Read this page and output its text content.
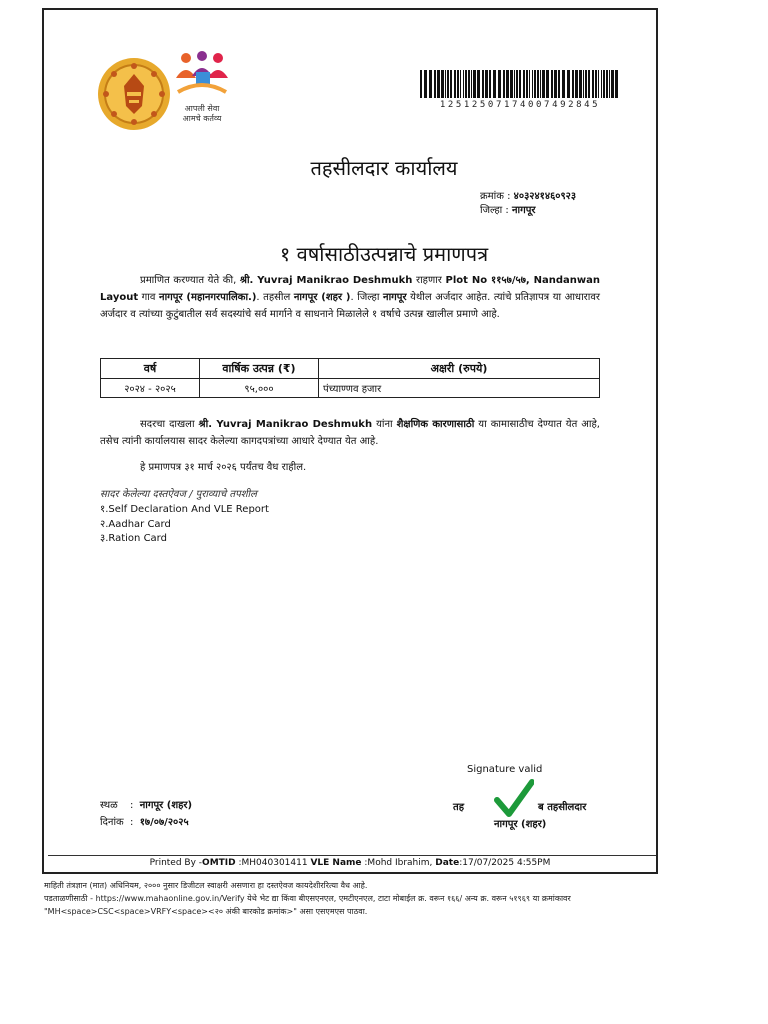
आपली सेवा
आमचे कर्तव्य
12512507174007492845
तहसीलदार कार्यालय
क्रमांक : ४०३२४१४६०९२३
जिल्हा : नागपूर
१ वर्षासाठीउत्पन्नाचे प्रमाणपत्र
प्रमाणित करण्यात येते की, श्री. Yuvraj Manikrao Deshmukh राहणार Plot No ११५७/५७, Nandanwan Layout गाव नागपूर (महानगरपालिका.). तहसील नागपूर (शहर ). जिल्हा नागपूर येथील अर्जदार आहेत. त्यांचे प्रतिज्ञापत्र या आधारावर अर्जदार व त्यांच्या कुटुंबातील सर्व सदस्यांचे सर्व मार्गाने व साधनाने मिळालेले १ वर्षाचे उत्पन्न खालील प्रमाणे आहे.
वर्ष	वार्षिक उत्पन्न (₹)	अक्षरी (रुपये)
२०२४ - २०२५	९५,०००	पंच्याण्णव हजार
सदरचा दाखला श्री. Yuvraj Manikrao Deshmukh यांना शैक्षणिक कारणासाठी या कामासाठीच देण्यात येत आहे, तसेच त्यांनी कार्यालयास सादर केलेल्या कागदपत्रांच्या आधारे देण्यात येत आहे.
हे प्रमाणपत्र ३१ मार्च २०२६ पर्यंतच वैध राहील.
सादर केलेल्या दस्तऐवज / पुराव्याचे तपशील
१.Self Declaration And VLE Report
२.Aadhar Card
३.Ration Card
Signature valid
स्थळ :  नागपूर (शहर)
दिनांक :  १७/०७/२०२५
तह	ब तहसीलदार
नागपूर (शहर)
Printed By -OMTID :MH040301411 VLE Name :Mohd Ibrahim, Date:17/07/2025 4:55PM
माहिती तंत्रज्ञान (मात) अधिनियम, २००० नुसार डिजीटल स्वाक्षरी असणारा हा दस्तऐवज कायदेशीररित्या वैध आहे.
पडताळणीसाठी - https://www.mahaonline.gov.in/Verify येथे भेट द्या किंवा बीएसएनएल, एमटीएनएल, टाटा मोबाईल क्र. वरून १६६/ अन्य क्र. वरून ५१९६९ या क्रमांकावर
"MH<space>CSC<space>VRFY<space><२० अंकी बारकोड क्रमांक>" असा एसएमएस पाठवा.
